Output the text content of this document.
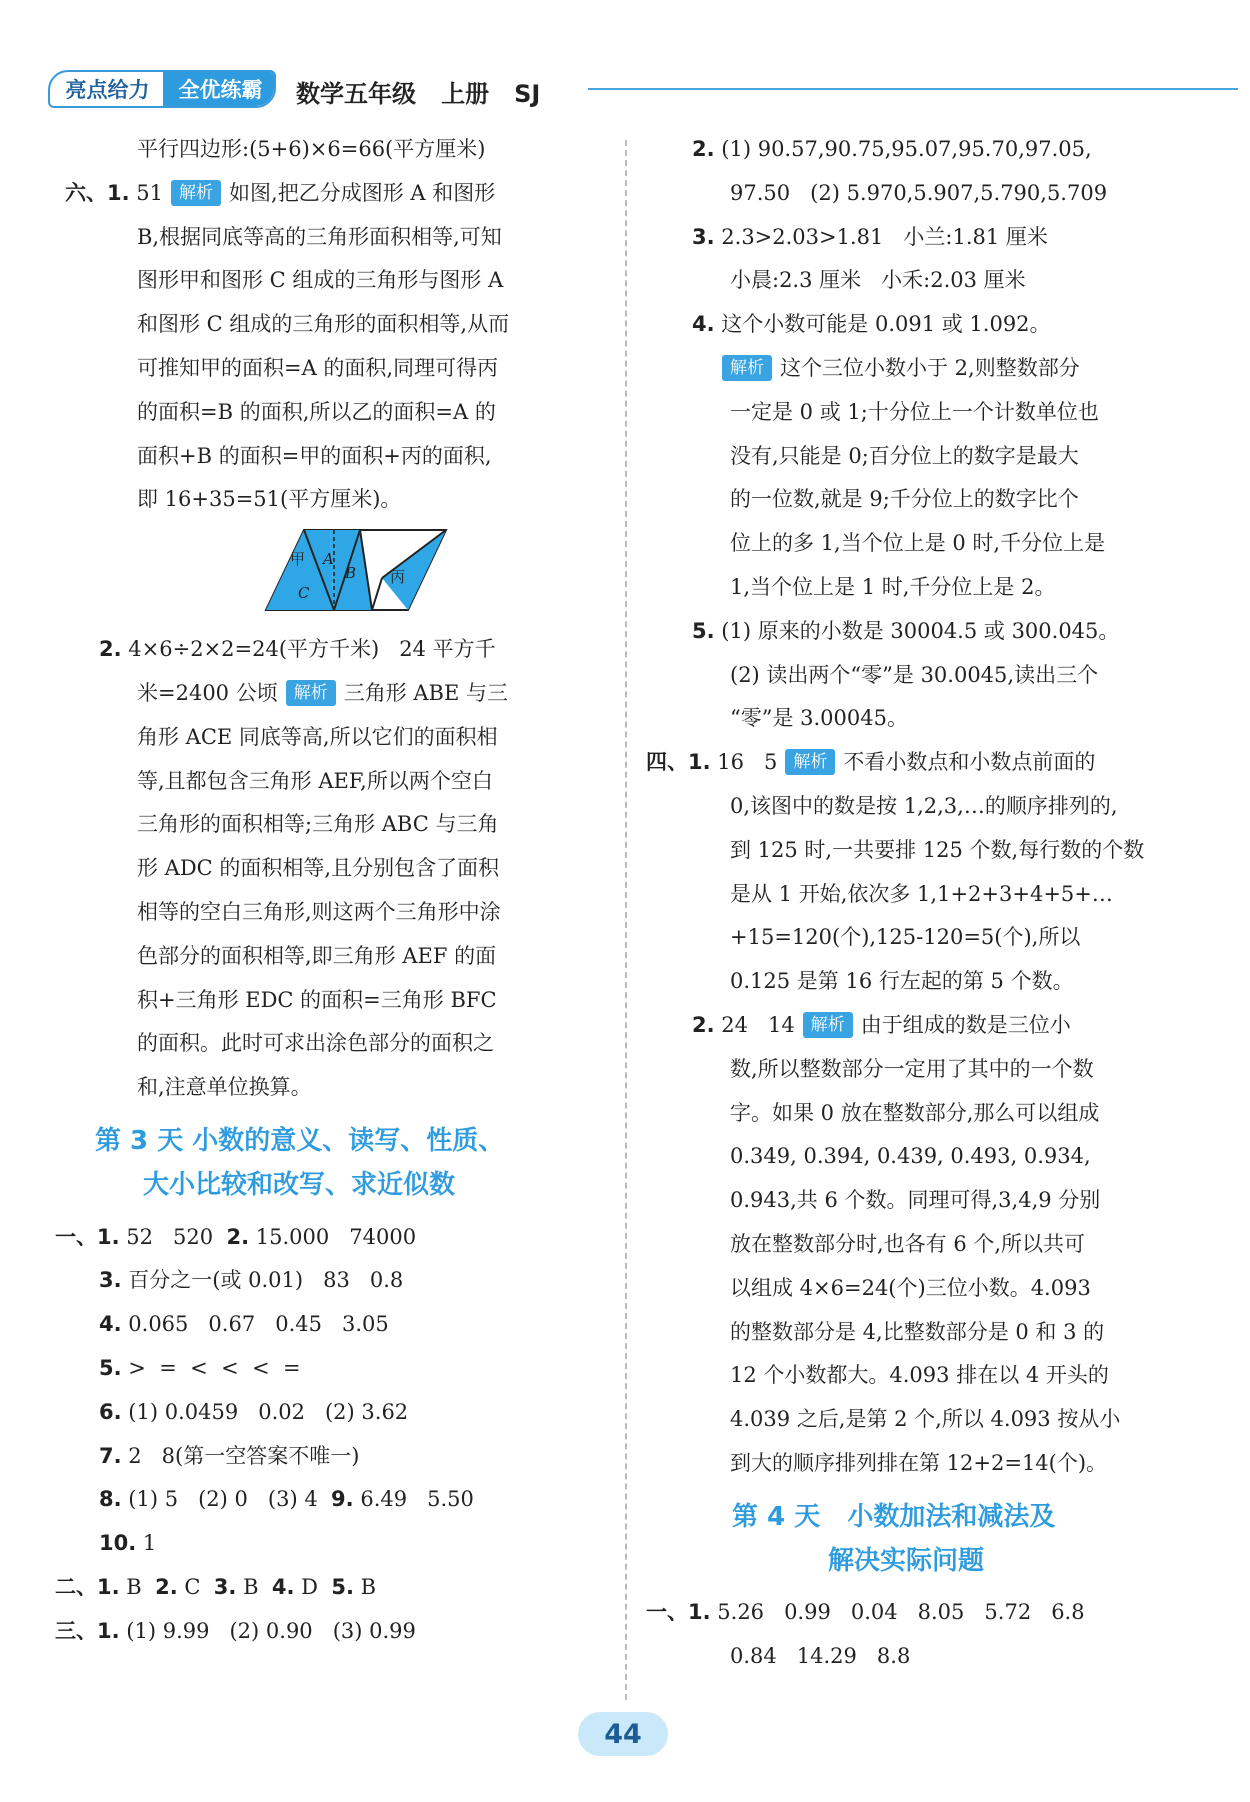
亮点给力	全优练霸	数学五年级   上册   SJ
平行四边形:(5+6)×6=66(平方厘米)
六、1. 51 解析 如图,把乙分成图形 A 和图形
B,根据同底等高的三角形面积相等,可知
图形甲和图形 C 组成的三角形与图形 A
和图形 C 组成的三角形的面积相等,从而
可推知甲的面积=A 的面积,同理可得丙
的面积=B 的面积,所以乙的面积=A 的
面积+B 的面积=甲的面积+丙的面积,
即 16+35=51(平方厘米)。
甲 A
B 丙
C
2. 4×6÷2×2=24(平方千米)   24 平方千
米=2400 公顷 解析 三角形 ABE 与三
角形 ACE 同底等高,所以它们的面积相
等,且都包含三角形 AEF,所以两个空白
三角形的面积相等;三角形 ABC 与三角
形 ADC 的面积相等,且分别包含了面积
相等的空白三角形,则这两个三角形中涂
色部分的面积相等,即三角形 AEF 的面
积+三角形 EDC 的面积=三角形 BFC
的面积。此时可求出涂色部分的面积之
和,注意单位换算。
第 3 天 小数的意义、读写、性质、
大小比较和改写、求近似数
一、1. 52   520 2. 15.000   74000
3. 百分之一(或 0.01)   83   0.8
4. 0.065   0.67   0.45   3.05
5. >  =  <  <  <  =
6. (1) 0.0459   0.02   (2) 3.62
7. 2   8(第一空答案不唯一)
8. (1) 5   (2) 0   (3) 4 9. 6.49   5.50
10. 1
二、1. B 2. C 3. B 4. D 5. B
三、1. (1) 9.99   (2) 0.90   (3) 0.99
2. (1) 90.57,90.75,95.07,95.70,97.05,
97.50   (2) 5.970,5.907,5.790,5.709
3. 2.3>2.03>1.81   小兰:1.81 厘米
小晨:2.3 厘米   小禾:2.03 厘米
4. 这个小数可能是 0.091 或 1.092。
解析 这个三位小数小于 2,则整数部分
一定是 0 或 1;十分位上一个计数单位也
没有,只能是 0;百分位上的数字是最大
的一位数,就是 9;千分位上的数字比个
位上的多 1,当个位上是 0 时,千分位上是
1,当个位上是 1 时,千分位上是 2。
5. (1) 原来的小数是 30004.5 或 300.045。
(2) 读出两个“零”是 30.0045,读出三个
“零”是 3.00045。
四、1. 16   5 解析 不看小数点和小数点前面的
0,该图中的数是按 1,2,3,…的顺序排列的,
到 125 时,一共要排 125 个数,每行数的个数
是从 1 开始,依次多 1,1+2+3+4+5+…
+15=120(个),125-120=5(个),所以
0.125 是第 16 行左起的第 5 个数。
2. 24   14 解析 由于组成的数是三位小
数,所以整数部分一定用了其中的一个数
字。如果 0 放在整数部分,那么可以组成
0.349, 0.394, 0.439, 0.493, 0.934,
0.943,共 6 个数。同理可得,3,4,9 分别
放在整数部分时,也各有 6 个,所以共可
以组成 4×6=24(个)三位小数。4.093
的整数部分是 4,比整数部分是 0 和 3 的
12 个小数都大。4.093 排在以 4 开头的
4.039 之后,是第 2 个,所以 4.093 按从小
到大的顺序排列排在第 12+2=14(个)。
第 4 天   小数加法和减法及
解决实际问题
一、1. 5.26   0.99   0.04   8.05   5.72   6.8
0.84   14.29   8.8
44
